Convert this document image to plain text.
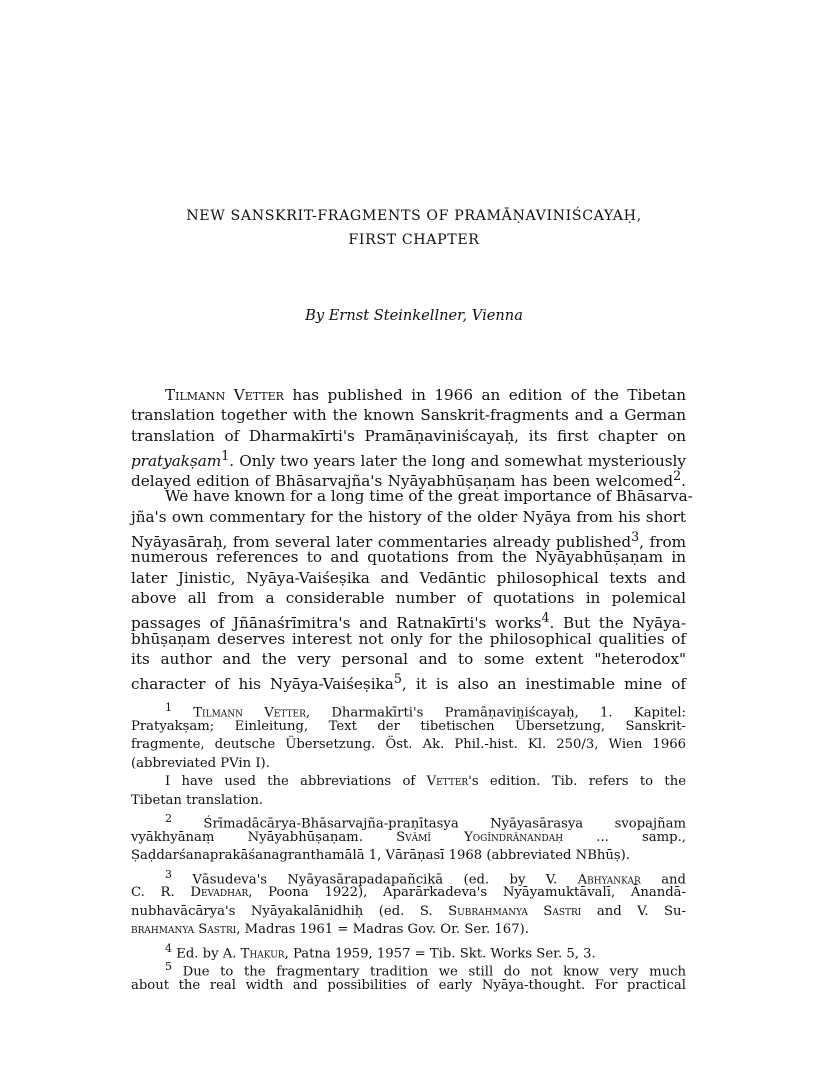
NEW SANSKRIT-FRAGMENTS OF PRAMĀṆAVINIŚCAYAḤ,
FIRST CHAPTER
By Ernst Steinkellner, Vienna
Tilmann Vetter has published in 1966 an edition of the Tibetan
translation together with the known Sanskrit-fragments and a German
translation of Dharmakīrti's Pramāṇaviniścayaḥ, its first chapter on
pratyakṣam$^1$. Only two years later the long and somewhat mysteriously
delayed edition of Bhāsarvajña's Nyāyabhūṣaṇam has been welcomed$^2$.
We have known for a long time of the great importance of Bhāsarva-
jña's own commentary for the history of the older Nyāya from his short
Nyāyasāraḥ, from several later commentaries already published$^3$, from
numerous references to and quotations from the Nyāyabhūṣaṇam in
later Jinistic, Nyāya-Vaiśeṣika and Vedāntic philosophical texts and
above all from a considerable number of quotations in polemical
passages of Jñānaśrīmitra's and Ratnakīrti's works$^4$. But the Nyāya-
bhūṣaṇam deserves interest not only for the philosophical qualities of
its author and the very personal and to some extent "heterodox"
character of his Nyāya-Vaiśeṣika$^5$, it is also an inestimable mine of
$^1$ Tilmann Vetter, Dharmakīrti's Pramāṇaviniścayaḥ, 1. Kapitel:
Pratyakṣam; Einleitung, Text der tibetischen Übersetzung, Sanskrit-
fragmente, deutsche Übersetzung. Öst. Ak. Phil.-hist. Kl. 250/3, Wien 1966
(abbreviated PVin I).
I have used the abbreviations of Vetter's edition. Tib. refers to the
Tibetan translation.
$^2$ Śrīmadācārya-Bhāsarvajña-praṇītasya Nyāyasārasya svopajñam
vyākhyānaṃ Nyāyabhūṣaṇam. Svāmī Yogīndrānandaḥ ... samp.,
Ṣaḍdarśanaprakāśanagranthamālā 1, Vārāṇasī 1968 (abbreviated NBhūṣ).
$^3$ Vāsudeva's Nyāyasārapadapañcikā (ed. by V. Abhyankar and
C. R. Devadhar, Poona 1922), Aparārkadeva's Nyāyamuktāvalī, Ānandā-
nubhavācārya's Nyāyakalānidhiḥ (ed. S. Subrahmanya Sastri and V. Su-
brahmanya Sastri, Madras 1961 = Madras Gov. Or. Ser. 167).
$^4$ Ed. by A. Thakur, Patna 1959, 1957 = Tib. Skt. Works Ser. 5, 3.
$^5$ Due to the fragmentary tradition we still do not know very much
about the real width and possibilities of early Nyāya-thought. For practical
